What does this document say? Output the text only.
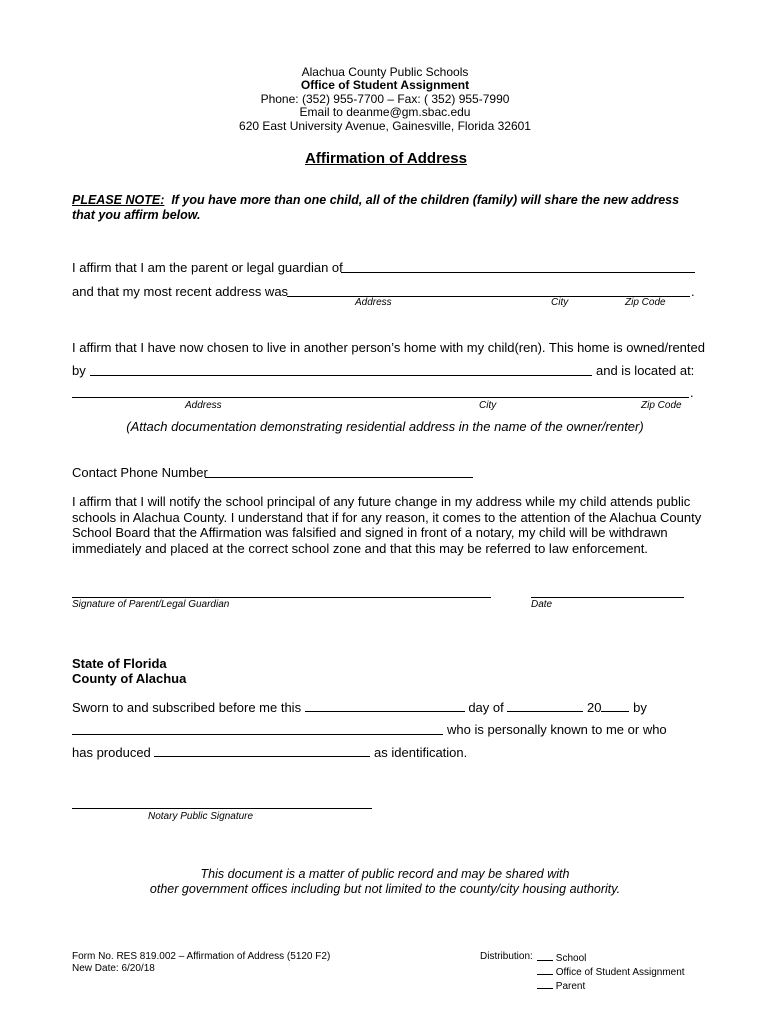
Alachua County Public Schools
Office of Student Assignment
Phone: (352) 955-7700 – Fax: ( 352) 955-7990
Email to deanme@gm.sbac.edu
620 East University Avenue, Gainesville, Florida 32601
Affirmation of Address
PLEASE NOTE: If you have more than one child, all of the children (family) will share the new address
that you affirm below.
I affirm that I am the parent or legal guardian of
and that my most recent address was	.
Address	City	Zip Code
I affirm that I have now chosen to live in another person’s home with my child(ren). This home is owned/rented
by	and is located at:
.
Address	City	Zip Code
(Attach documentation demonstrating residential address in the name of the owner/renter)
Contact Phone Number
I affirm that I will notify the school principal of any future change in my address while my child attends public
schools in Alachua County. I understand that if for any reason, it comes to the attention of the Alachua County
School Board that the Affirmation was falsified and signed in front of a notary, my child will be withdrawn
immediately and placed at the correct school zone and that this may be referred to law enforcement.
Signature of Parent/Legal Guardian	Date
State of Florida
County of Alachua
Sworn to and subscribed before me this	day of	20 by
who is personally known to me or who
has produced	as identification.
Notary Public Signature
This document is a matter of public record and may be shared with
other government offices including but not limited to the county/city housing authority.
Form No. RES 819.002 – Affirmation of Address (5120 F2)
New Date: 6/20/18
Distribution:	School
Office of Student Assignment
Parent
